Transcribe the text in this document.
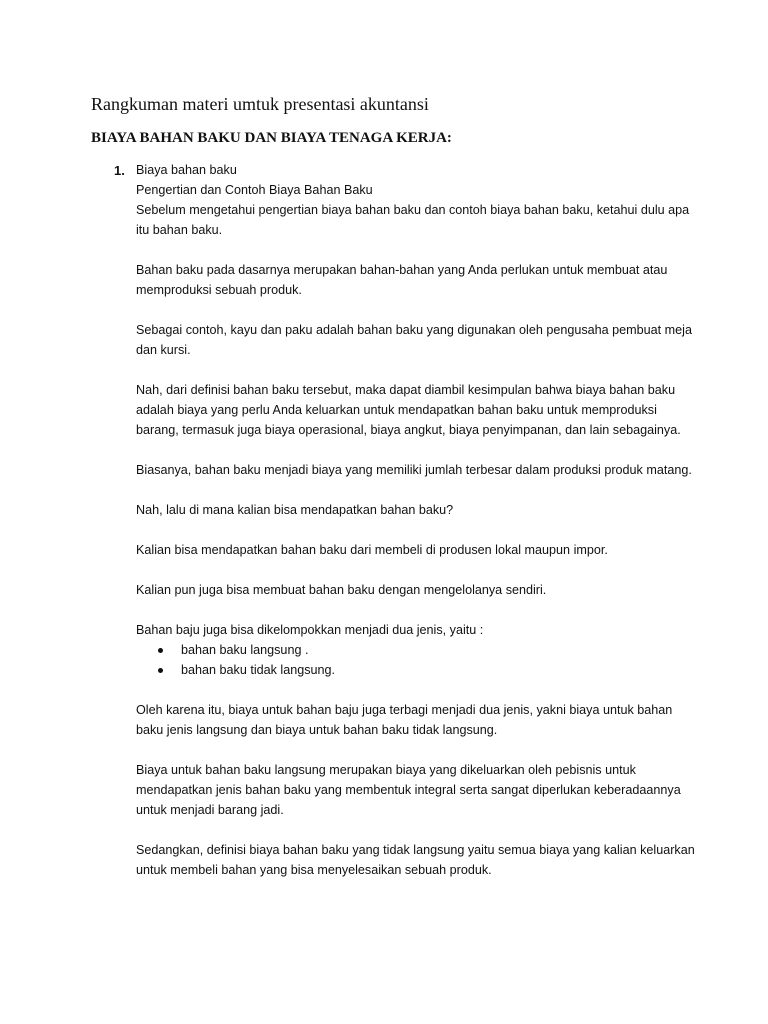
Rangkuman materi umtuk presentasi akuntansi
BIAYA BAHAN BAKU DAN BIAYA TENAGA KERJA:
1. Biaya bahan baku

Pengertian dan Contoh Biaya Bahan Baku

Sebelum mengetahui pengertian biaya bahan baku dan contoh biaya bahan baku, ketahui dulu apa itu bahan baku.

Bahan baku pada dasarnya merupakan bahan-bahan yang Anda perlukan untuk membuat atau memproduksi sebuah produk.

Sebagai contoh, kayu dan paku adalah bahan baku yang digunakan oleh pengusaha pembuat meja dan kursi.

Nah, dari definisi bahan baku tersebut, maka dapat diambil kesimpulan bahwa biaya bahan baku adalah biaya yang perlu Anda keluarkan untuk mendapatkan bahan baku untuk memproduksi barang, termasuk juga biaya operasional, biaya angkut, biaya penyimpanan, dan lain sebagainya.

Biasanya, bahan baku menjadi biaya yang memiliki jumlah terbesar dalam produksi produk matang.

Nah, lalu di mana kalian bisa mendapatkan bahan baku?

Kalian bisa mendapatkan bahan baku dari membeli di produsen lokal maupun impor.

Kalian pun juga bisa membuat bahan baku dengan mengelolanya sendiri.

Bahan baju juga bisa dikelompokkan menjadi dua jenis, yaitu :

bahan baku langsung .
bahan baku tidak langsung.

Oleh karena itu, biaya untuk bahan baju juga terbagi menjadi dua jenis, yakni biaya untuk bahan baku jenis langsung dan biaya untuk bahan baku tidak langsung.

Biaya untuk bahan baku langsung merupakan biaya yang dikeluarkan oleh pebisnis untuk mendapatkan jenis bahan baku yang membentuk integral serta sangat diperlukan keberadaannya untuk menjadi barang jadi.

Sedangkan, definisi biaya bahan baku yang tidak langsung yaitu semua biaya yang kalian keluarkan untuk membeli bahan yang bisa menyelesaikan sebuah produk.
